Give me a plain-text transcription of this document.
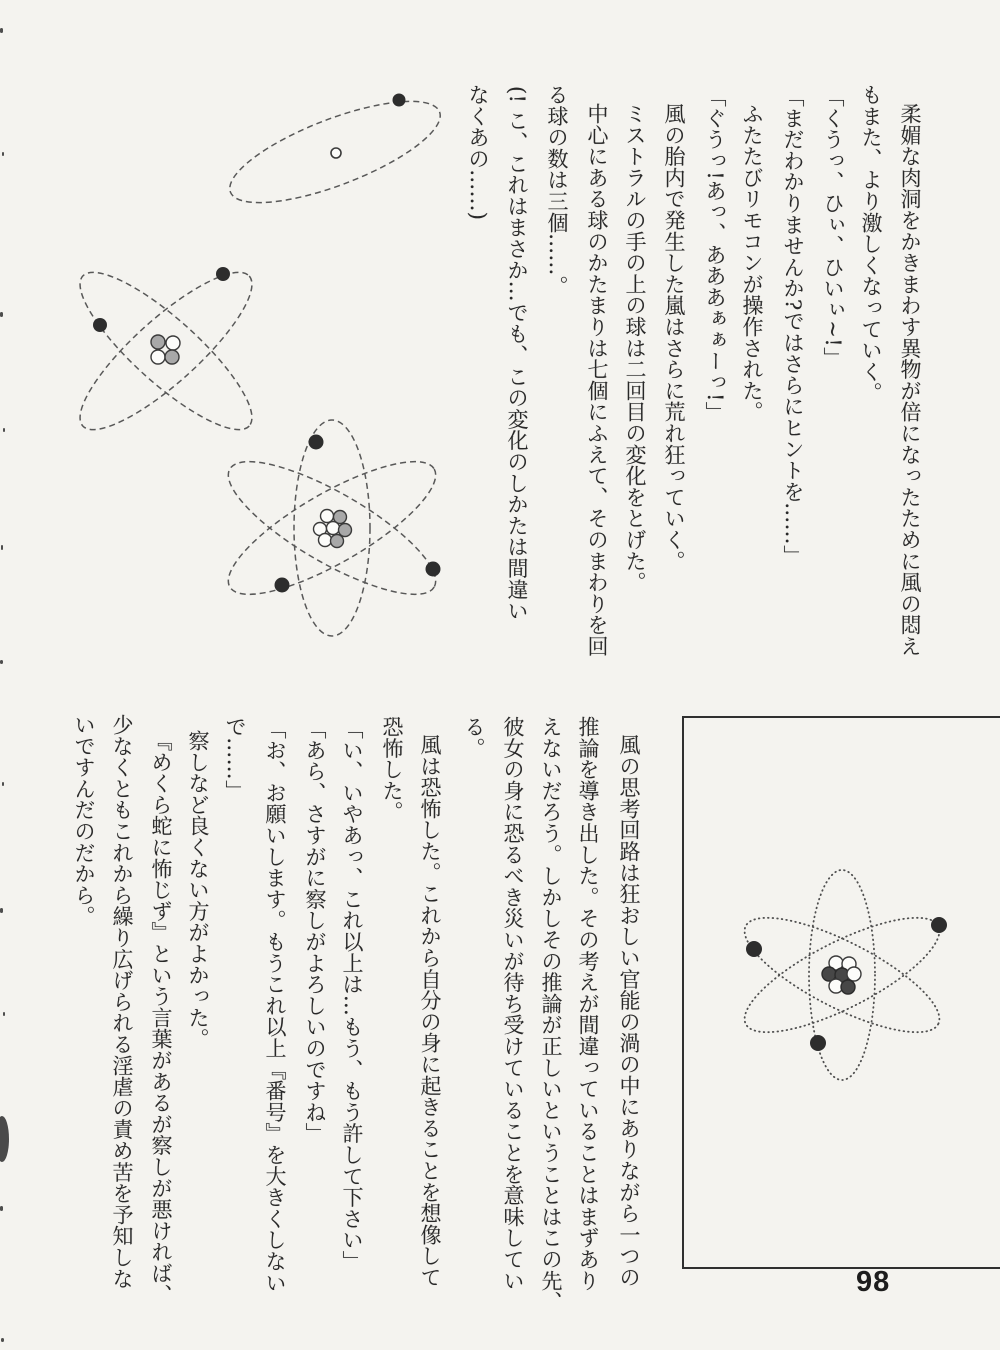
柔媚な肉洞をかきまわす異物が倍になったために風の悶え
もまた、より激しくなっていく。
「くうっ、ひぃ、ひいぃ~!」
「まだわかりませんか?ではさらにヒントを……」
ふたたびリモコンが操作された。
「ぐうっ!あっ、あああぁぁーっ!」
風の胎内で発生した嵐はさらに荒れ狂っていく。
ミストラルの手の上の球は二回目の変化をとげた。
中心にある球のかたまりは七個にふえて、そのまわりを回
る球の数は三個……。
(! こ、これはまさか…でも、この変化のしかたは間違い
なくあの……)
風の思考回路は狂おしい官能の渦の中にありながら一つの
推論を導き出した。その考えが間違っていることはまずあり
えないだろう。しかしその推論が正しいということはこの先、
彼女の身に恐るべき災いが待ち受けていることを意味してい
る。
風は恐怖した。これから自分の身に起きることを想像して
恐怖した。
「い、いやあっ、これ以上は…もう、もう許して下さい」
「あら、さすがに察しがよろしいのですね」
「お、お願いします。もうこれ以上『番号』を大きくしない
で……」
察しなど良くない方がよかった。
『めくら蛇に怖じず』という言葉があるが察しが悪ければ、
少なくともこれから繰り広げられる淫虐の責め苦を予知しな
いですんだのだから。
98
